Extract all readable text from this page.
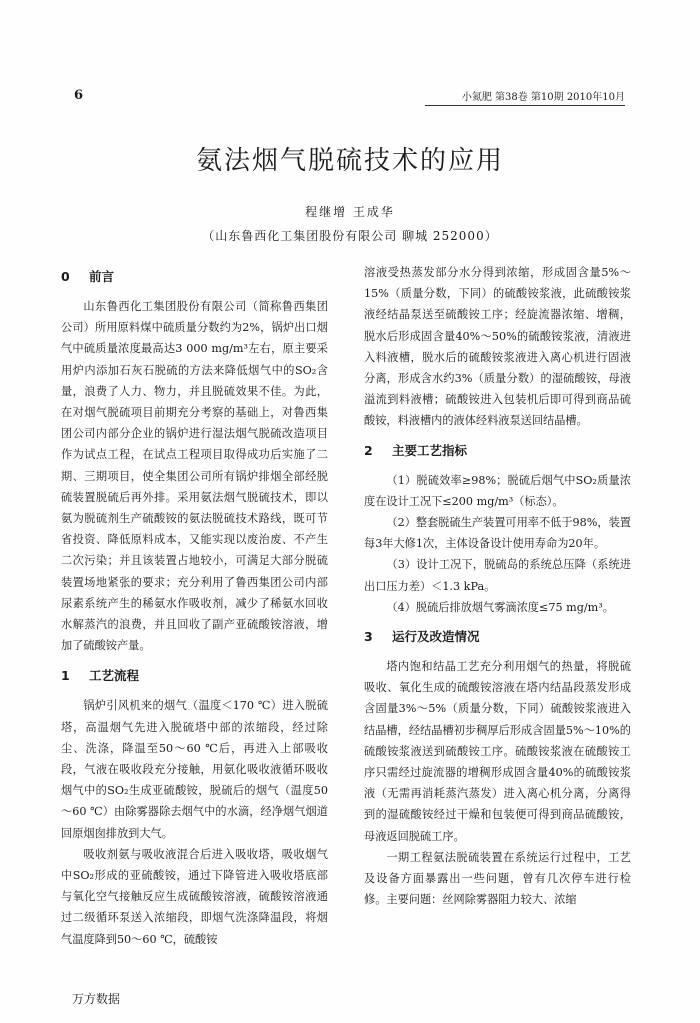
6	小氮肥 第38卷 第10期 2010年10月
氨法烟气脱硫技术的应用
程继增 王成华
（山东鲁西化工集团股份有限公司 聊城 252000）
0 前言

山东鲁西化工集团股份有限公司（简称鲁西集团公司）所用原料煤中硫质量分数约为2%，锅炉出口烟气中硫质量浓度最高达3 000 mg/m³左右，原主要采用炉内添加石灰石脱硫的方法来降低烟气中的SO₂含量，浪费了人力、物力，并且脱硫效果不佳。为此，在对烟气脱硫项目前期充分考察的基础上，对鲁西集团公司内部分企业的锅炉进行湿法烟气脱硫改造项目作为试点工程，在试点工程项目取得成功后实施了二期、三期项目，使全集团公司所有锅炉排烟全部经脱硫装置脱硫后再外排。采用氨法烟气脱硫技术，即以氨为脱硫剂生产硫酸铵的氨法脱硫技术路线，既可节省投资、降低原料成本，又能实现以废治废、不产生二次污染；并且该装置占地较小，可满足大部分脱硫装置场地紧张的要求；充分利用了鲁西集团公司内部尿素系统产生的稀氨水作吸收剂，减少了稀氨水回收水解蒸汽的浪费，并且回收了副产亚硫酸铵溶液，增加了硫酸铵产量。

1 工艺流程

锅炉引风机来的烟气（温度＜170 ℃）进入脱硫塔，高温烟气先进入脱硫塔中部的浓缩段，经过除尘、洗涤，降温至50～60 ℃后，再进入上部吸收段，气液在吸收段充分接触，用氨化吸收液循环吸收烟气中的SO₂生成亚硫酸铵，脱硫后的烟气（温度50～60 ℃）由除雾器除去烟气中的水滴，经净烟气烟道回原烟囱排放到大气。

吸收剂氨与吸收液混合后进入吸收塔，吸收烟气中SO₂形成的亚硫酸铵，通过下降管进入吸收塔底部与氧化空气接触反应生成硫酸铵溶液，硫酸铵溶液通过二级循环泵送入浓缩段，即烟气洗涤降温段，将烟气温度降到50～60 ℃，硫酸铵

溶液受热蒸发部分水分得到浓缩，形成固含量5%～15%（质量分数，下同）的硫酸铵浆液，此硫酸铵浆液经结晶泵送至硫酸铵工序；经旋流器浓缩、增稠，脱水后形成固含量40%～50%的硫酸铵浆液，清液进入料液槽，脱水后的硫酸铵浆液进入离心机进行固液分离，形成含水约3%（质量分数）的湿硫酸铵，母液溢流到料液槽；硫酸铵进入包装机后即可得到商品硫酸铵，料液槽内的液体经料液泵送回结晶槽。

2 主要工艺指标

（1）脱硫效率≥98%；脱硫后烟气中SO₂质量浓度在设计工况下≤200 mg/m³（标态）。

（2）整套脱硫生产装置可用率不低于98%，装置每3年大修1次，主体设备设计使用寿命为20年。

（3）设计工况下，脱硫岛的系统总压降（系统进出口压力差）＜1.3 kPa。

（4）脱硫后排放烟气雾滴浓度≤75 mg/m³。

3 运行及改造情况

塔内饱和结晶工艺充分利用烟气的热量，将脱硫吸收、氧化生成的硫酸铵溶液在塔内结晶段蒸发形成含固量3%～5%（质量分数，下同）硫酸铵浆液进入结晶槽，经结晶槽初步稠厚后形成含固量5%～10%的硫酸铵浆液送到硫酸铵工序。硫酸铵浆液在硫酸铵工序只需经过旋流器的增稠形成固含量40%的硫酸铵浆液（无需再消耗蒸汽蒸发）进入离心机分离，分离得到的湿硫酸铵经过干燥和包装便可得到商品硫酸铵，母液返回脱硫工序。

一期工程氨法脱硫装置在系统运行过程中，工艺及设备方面暴露出一些问题，曾有几次停车进行检修。主要问题：丝网除雾器阻力较大、浓缩

万方数据
